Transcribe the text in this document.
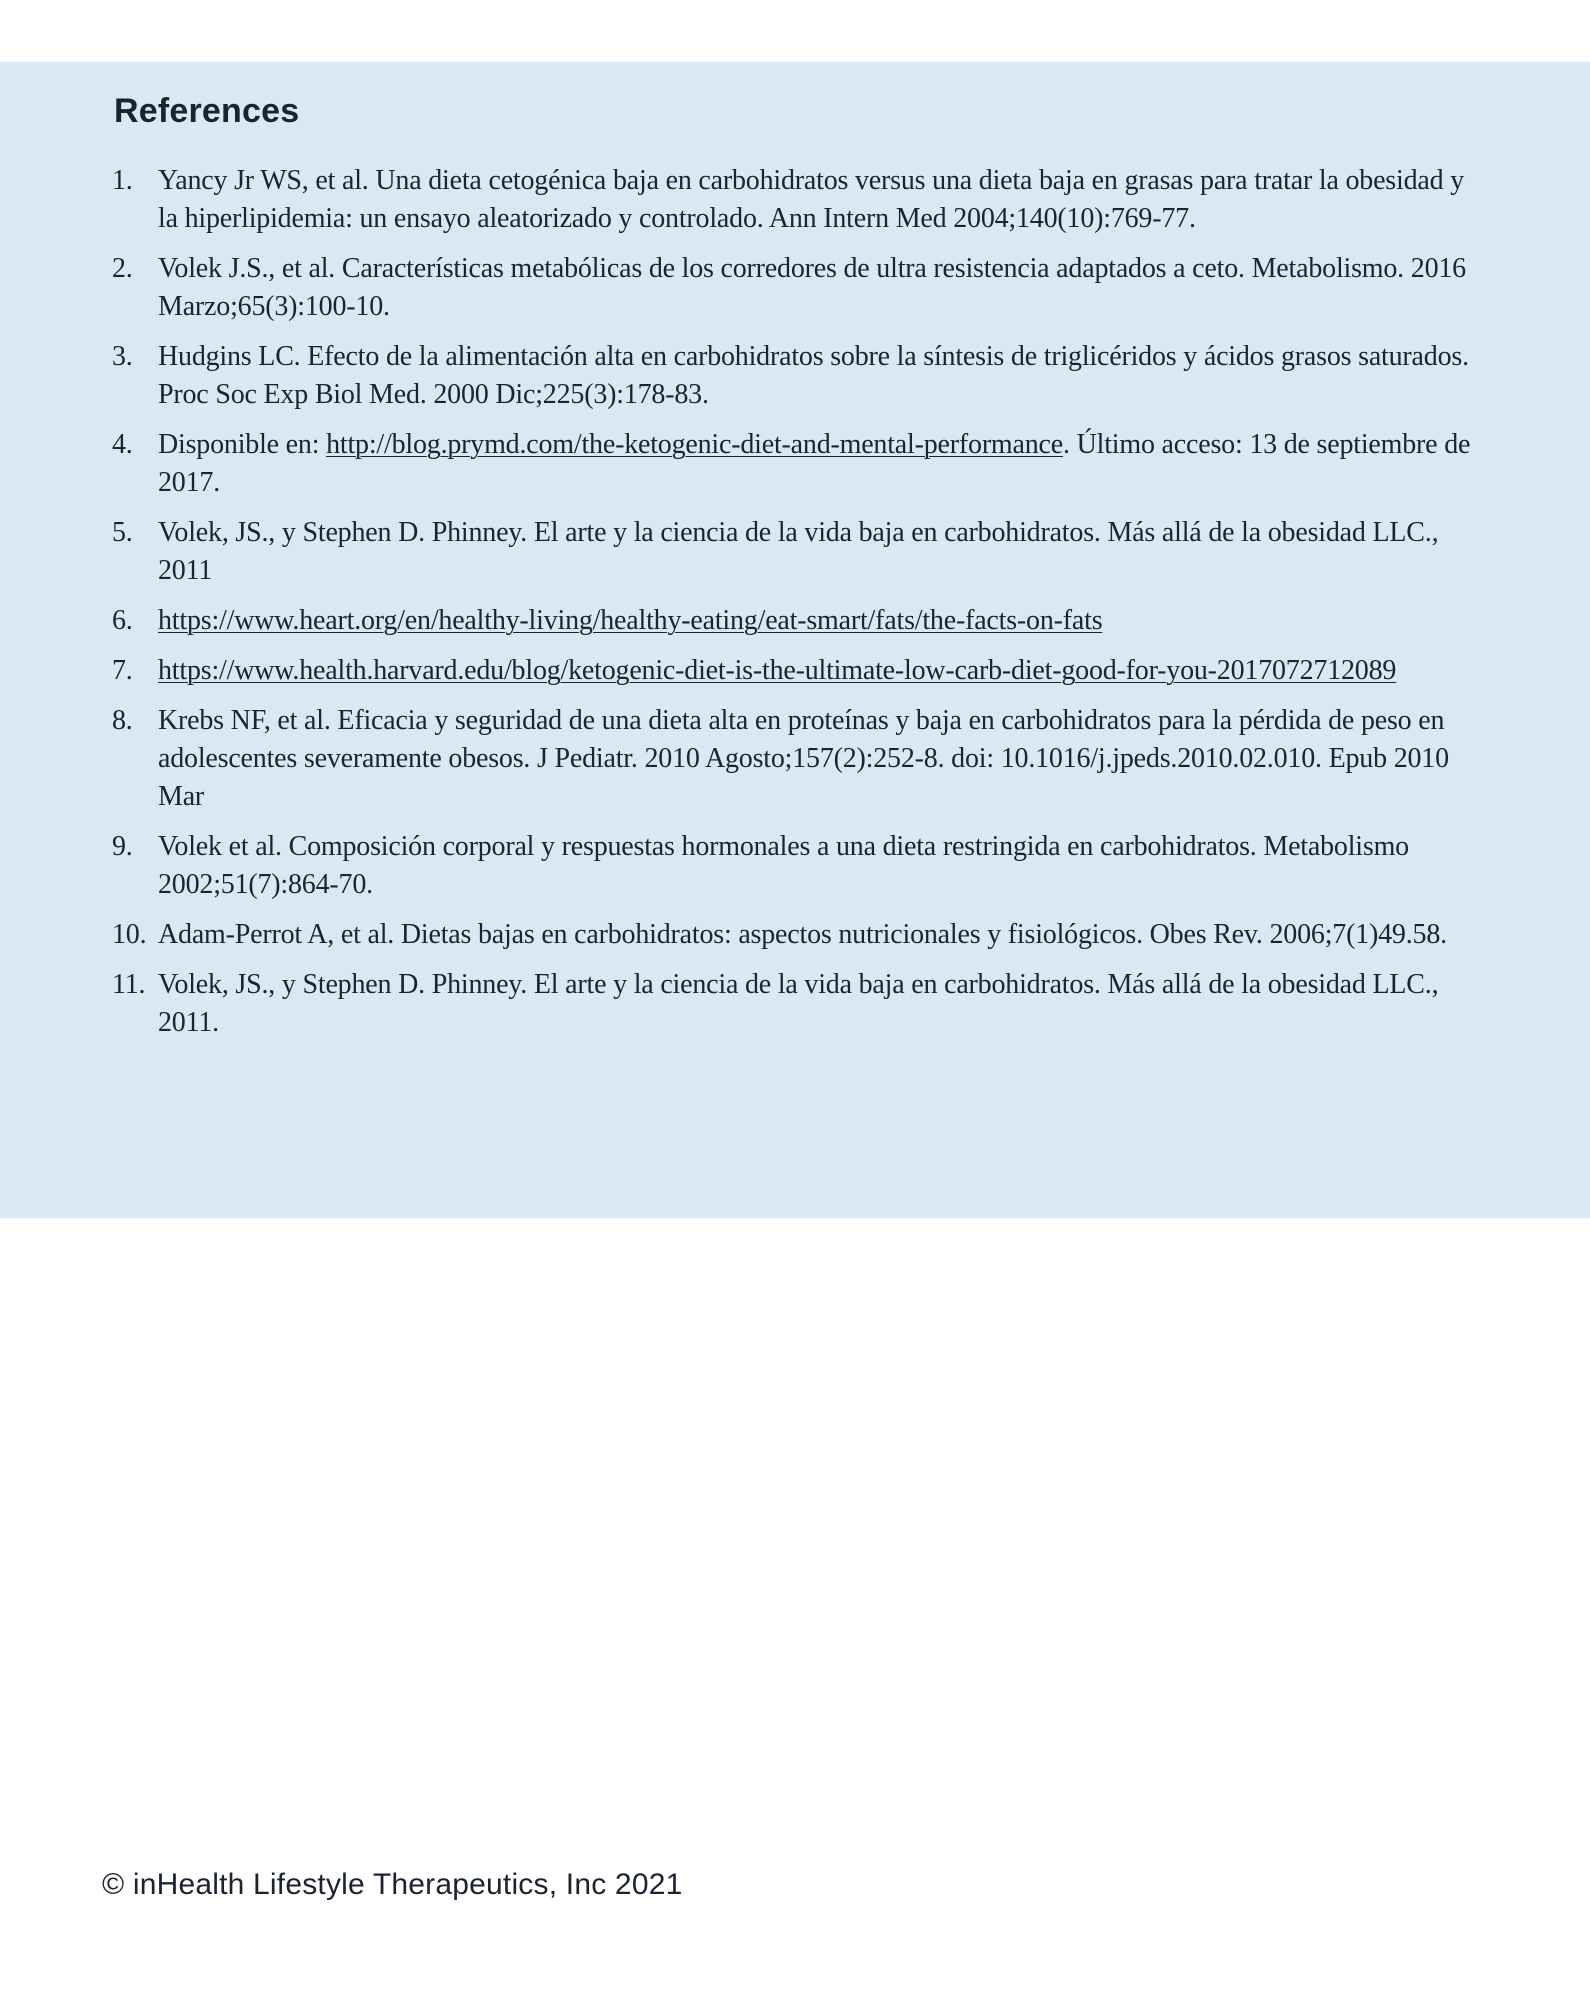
References
1. Yancy Jr WS, et al. Una dieta cetogénica baja en carbohidratos versus una dieta baja en grasas para tratar la obesidad y la hiperlipidemia: un ensayo aleatorizado y controlado. Ann Intern Med 2004;140(10):769-77.
2. Volek J.S., et al. Características metabólicas de los corredores de ultra resistencia adaptados a ceto. Metabolismo. 2016 Marzo;65(3):100-10.
3. Hudgins LC. Efecto de la alimentación alta en carbohidratos sobre la síntesis de triglicéridos y ácidos grasos saturados. Proc Soc Exp Biol Med. 2000 Dic;225(3):178-83.
4. Disponible en: http://blog.prymd.com/the-ketogenic-diet-and-mental-performance. Último acceso: 13 de septiembre de 2017.
5. Volek, JS., y Stephen D. Phinney. El arte y la ciencia de la vida baja en carbohidratos. Más allá de la obesidad LLC., 2011
6. https://www.heart.org/en/healthy-living/healthy-eating/eat-smart/fats/the-facts-on-fats
7. https://www.health.harvard.edu/blog/ketogenic-diet-is-the-ultimate-low-carb-diet-good-for-you-2017072712089
8. Krebs NF, et al. Eficacia y seguridad de una dieta alta en proteínas y baja en carbohidratos para la pérdida de peso en adolescentes severamente obesos. J Pediatr. 2010 Agosto;157(2):252-8. doi: 10.1016/j.jpeds.2010.02.010. Epub 2010 Mar
9. Volek et al. Composición corporal y respuestas hormonales a una dieta restringida en carbohidratos. Metabolismo 2002;51(7):864-70.
10. Adam-Perrot A, et al. Dietas bajas en carbohidratos: aspectos nutricionales y fisiológicos. Obes Rev. 2006;7(1)49.58.
11. Volek, JS., y Stephen D. Phinney. El arte y la ciencia de la vida baja en carbohidratos. Más allá de la obesidad LLC., 2011.

© inHealth Lifestyle Therapeutics, Inc 2021
